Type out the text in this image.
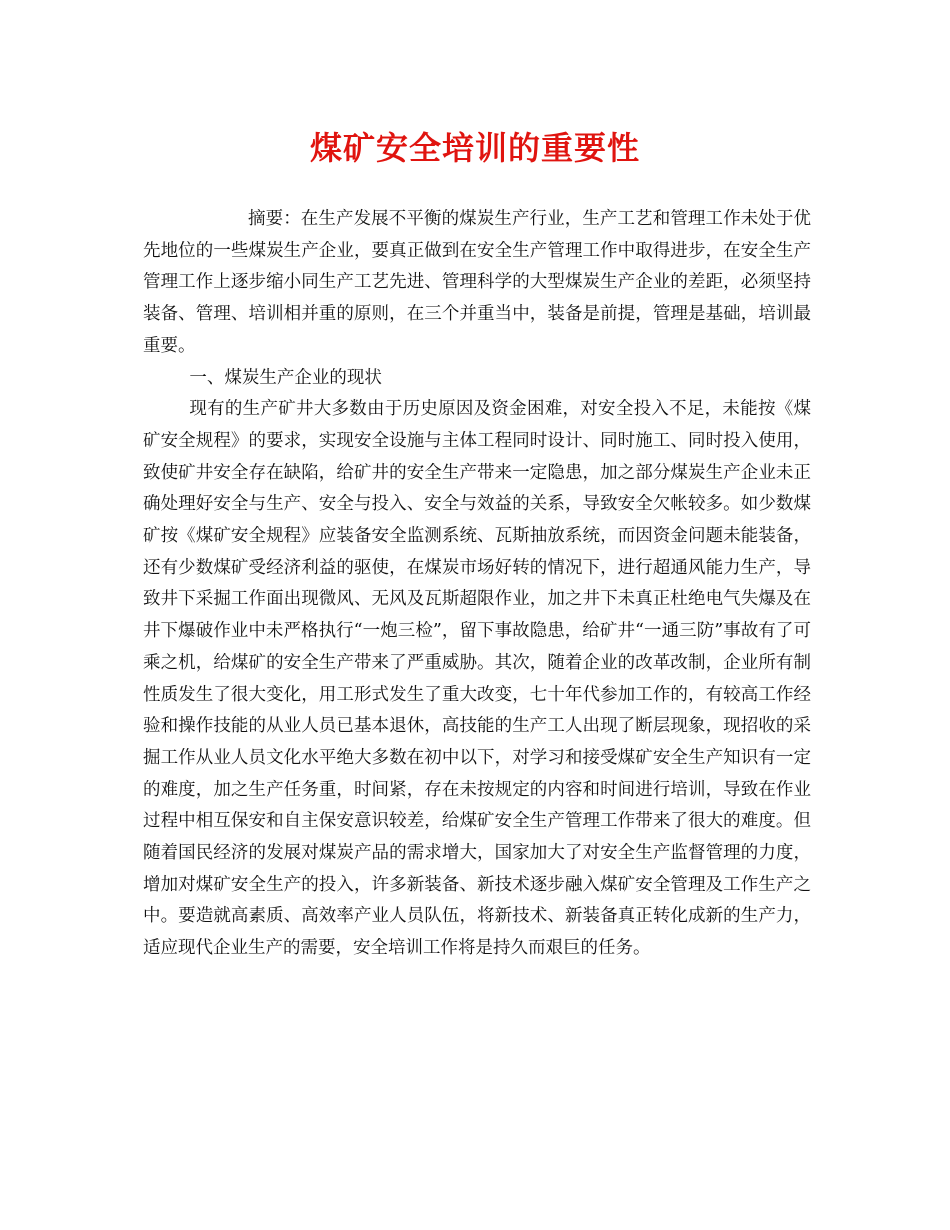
煤矿安全培训的重要性

摘要：在生产发展不平衡的煤炭生产行业，生产工艺和管理工作未处于优先地位的一些煤炭生产企业，要真正做到在安全生产管理工作中取得进步，在安全生产管理工作上逐步缩小同生产工艺先进、管理科学的大型煤炭生产企业的差距，必须坚持装备、管理、培训相并重的原则，在三个并重当中，装备是前提，管理是基础，培训最重要。

一、煤炭生产企业的现状

现有的生产矿井大多数由于历史原因及资金困难，对安全投入不足，未能按《煤矿安全规程》的要求，实现安全设施与主体工程同时设计、同时施工、同时投入使用，致使矿井安全存在缺陷，给矿井的安全生产带来一定隐患，加之部分煤炭生产企业未正确处理好安全与生产、安全与投入、安全与效益的关系，导致安全欠帐较多。如少数煤矿按《煤矿安全规程》应装备安全监测系统、瓦斯抽放系统，而因资金问题未能装备，还有少数煤矿受经济利益的驱使，在煤炭市场好转的情况下，进行超通风能力生产，导致井下采掘工作面出现微风、无风及瓦斯超限作业，加之井下未真正杜绝电气失爆及在井下爆破作业中未严格执行“一炮三检”，留下事故隐患，给矿井“一通三防”事故有了可乘之机，给煤矿的安全生产带来了严重威胁。其次，随着企业的改革改制，企业所有制性质发生了很大变化，用工形式发生了重大改变，七十年代参加工作的，有较高工作经验和操作技能的从业人员已基本退休，高技能的生产工人出现了断层现象，现招收的采掘工作从业人员文化水平绝大多数在初中以下，对学习和接受煤矿安全生产知识有一定的难度，加之生产任务重，时间紧，存在未按规定的内容和时间进行培训，导致在作业过程中相互保安和自主保安意识较差，给煤矿安全生产管理工作带来了很大的难度。但随着国民经济的发展对煤炭产品的需求增大，国家加大了对安全生产监督管理的力度，增加对煤矿安全生产的投入，许多新装备、新技术逐步融入煤矿安全管理及工作生产之中。要造就高素质、高效率产业人员队伍，将新技术、新装备真正转化成新的生产力，适应现代企业生产的需要，安全培训工作将是持久而艰巨的任务。
